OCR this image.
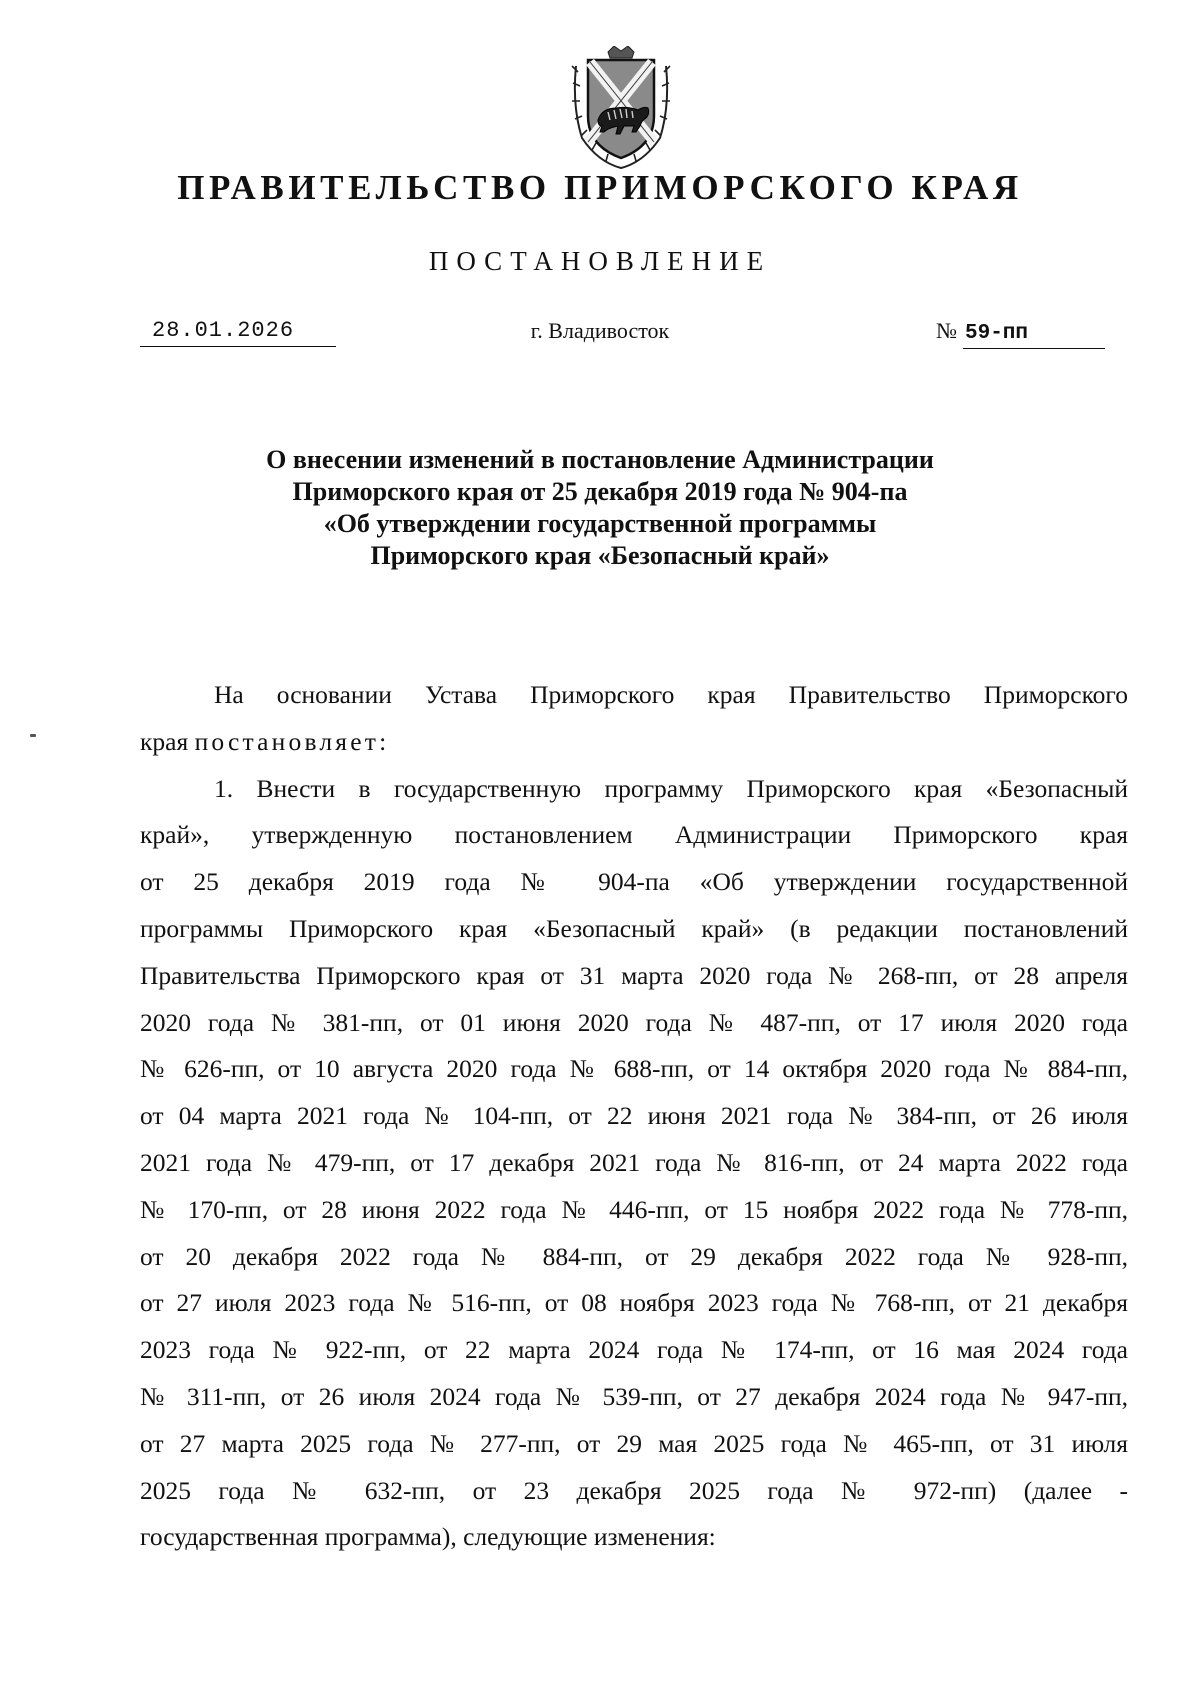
ПРАВИТЕЛЬСТВО ПРИМОРСКОГО КРАЯ
ПОСТАНОВЛЕНИЕ
28.01.2026	г. Владивосток	№ 59-пп
О внесении изменений в постановление Администрации
Приморского края от 25 декабря 2019 года № 904-па
«Об утверждении государственной программы
Приморского края «Безопасный край»
На основании Устава Приморского края Правительство Приморского
края постановляет:
1. Внести в государственную программу Приморского края «Безопасный
край», утвержденную постановлением Администрации Приморского края
от 25 декабря 2019 года № 904-па «Об утверждении государственной
программы Приморского края «Безопасный край» (в редакции постановлений
Правительства Приморского края от 31 марта 2020 года № 268-пп, от 28 апреля
2020 года № 381-пп, от 01 июня 2020 года № 487-пп, от 17 июля 2020 года
№ 626-пп, от 10 августа 2020 года № 688-пп, от 14 октября 2020 года № 884-пп,
от 04 марта 2021 года № 104-пп, от 22 июня 2021 года № 384-пп, от 26 июля
2021 года № 479-пп, от 17 декабря 2021 года № 816-пп, от 24 марта 2022 года
№ 170-пп, от 28 июня 2022 года № 446-пп, от 15 ноября 2022 года № 778-пп,
от 20 декабря 2022 года № 884-пп, от 29 декабря 2022 года № 928-пп,
от 27 июля 2023 года № 516-пп, от 08 ноября 2023 года № 768-пп, от 21 декабря
2023 года № 922-пп, от 22 марта 2024 года № 174-пп, от 16 мая 2024 года
№ 311-пп, от 26 июля 2024 года № 539-пп, от 27 декабря 2024 года № 947-пп,
от 27 марта 2025 года № 277-пп, от 29 мая 2025 года № 465-пп, от 31 июля
2025 года № 632-пп, от 23 декабря 2025 года № 972-пп) (далее -
государственная программа), следующие изменения:
